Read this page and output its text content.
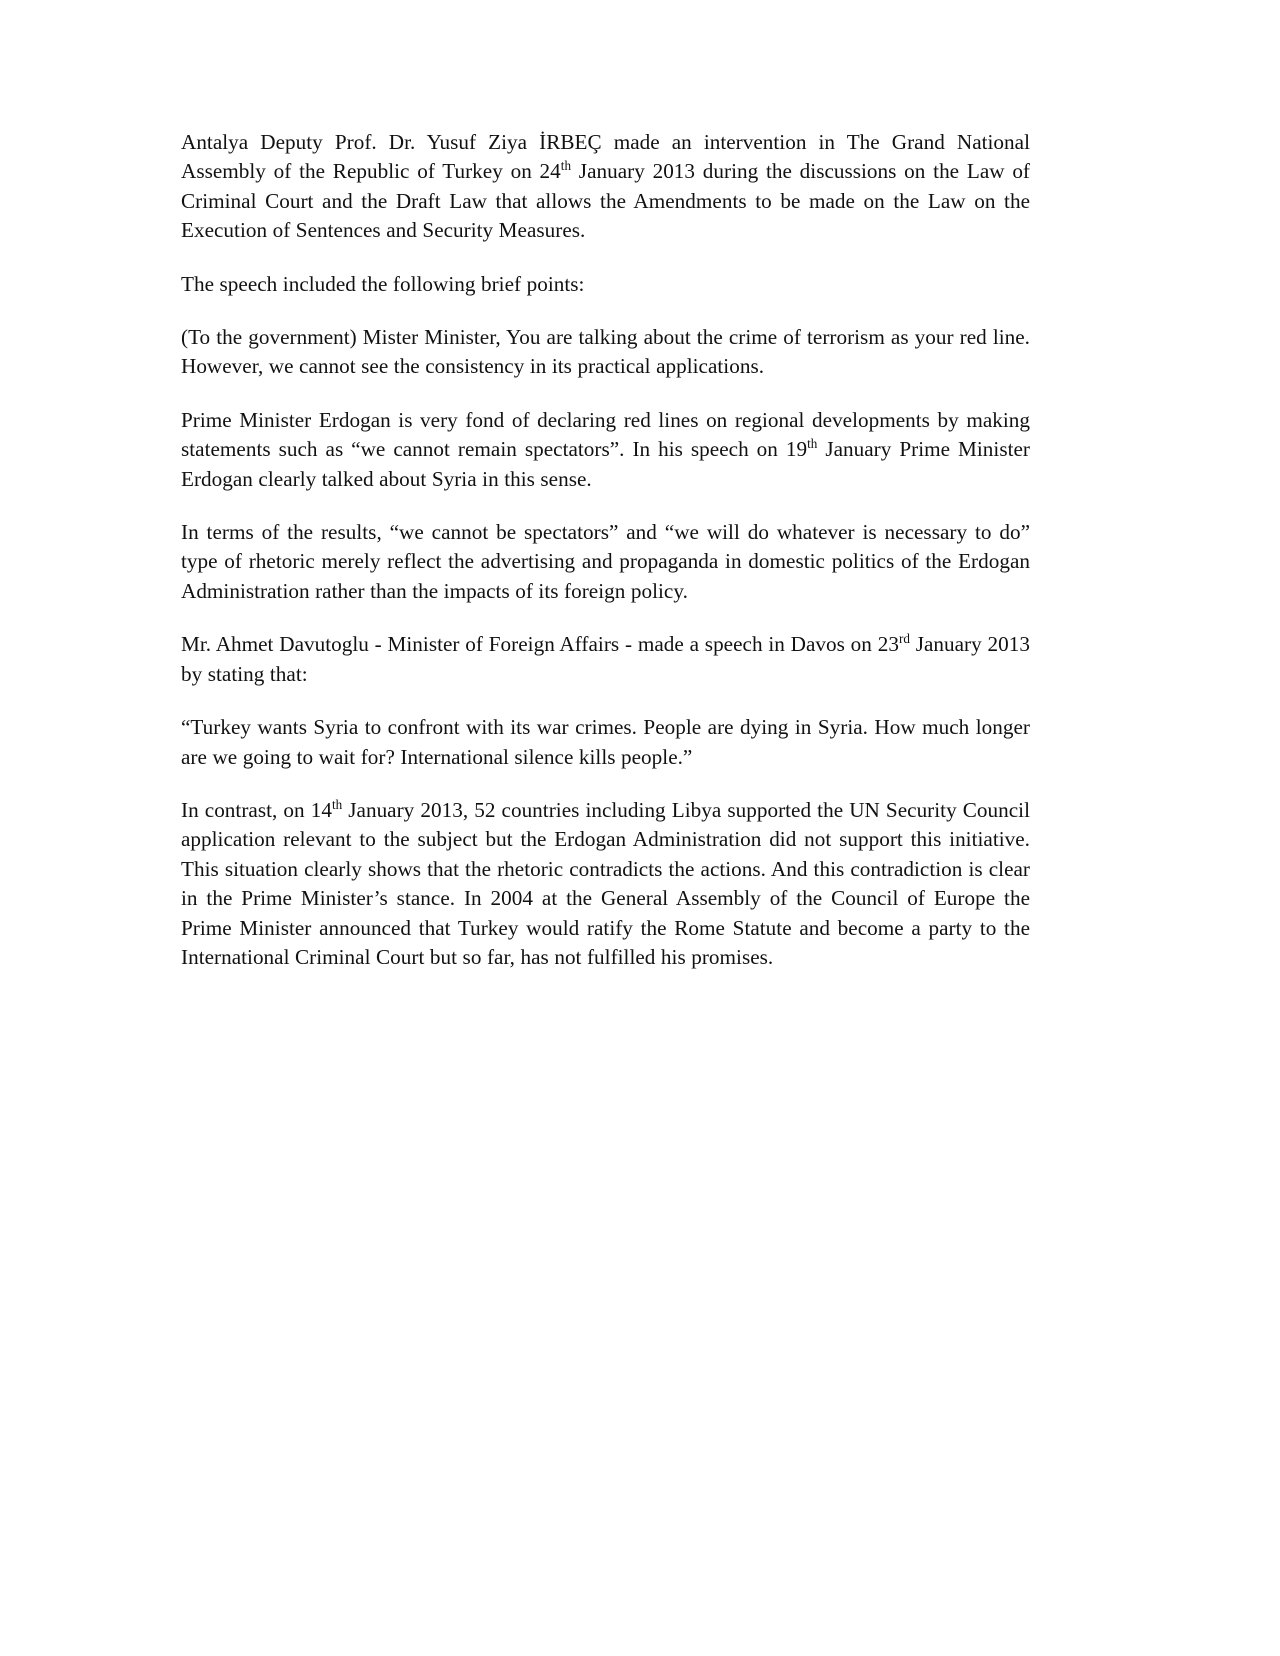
Antalya Deputy Prof. Dr. Yusuf Ziya İRBEÇ made an intervention in The Grand National Assembly of the Republic of Turkey on 24th January 2013 during the discussions on the Law of Criminal Court and the Draft Law that allows the Amendments to be made on the Law on the Execution of Sentences and Security Measures.

The speech included the following brief points:

(To the government) Mister Minister, You are talking about the crime of terrorism as your red line. However, we cannot see the consistency in its practical applications.

Prime Minister Erdogan is very fond of declaring red lines on regional developments by making statements such as “we cannot remain spectators”. In his speech on 19th January Prime Minister Erdogan clearly talked about Syria in this sense.

In terms of the results, “we cannot be spectators” and “we will do whatever is necessary to do” type of rhetoric merely reflect the advertising and propaganda in domestic politics of the Erdogan Administration rather than the impacts of its foreign policy.

Mr. Ahmet Davutoglu - Minister of Foreign Affairs - made a speech in Davos on 23rd January 2013 by stating that:

“Turkey wants Syria to confront with its war crimes. People are dying in Syria. How much longer are we going to wait for? International silence kills people.”

In contrast, on 14th January 2013, 52 countries including Libya supported the UN Security Council application relevant to the subject but the Erdogan Administration did not support this initiative. This situation clearly shows that the rhetoric contradicts the actions. And this contradiction is clear in the Prime Minister’s stance. In 2004 at the General Assembly of the Council of Europe the Prime Minister announced that Turkey would ratify the Rome Statute and become a party to the International Criminal Court but so far, has not fulfilled his promises.
